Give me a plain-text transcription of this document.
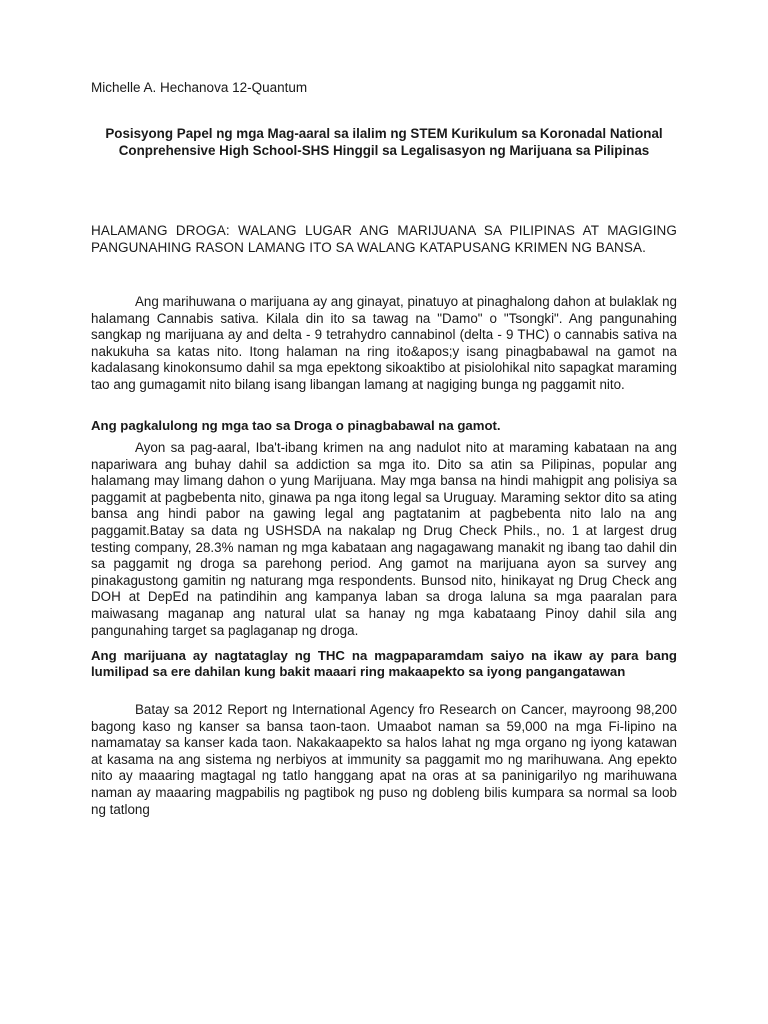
Michelle A. Hechanova 12-Quantum
Posisyong Papel ng mga Mag-aaral sa ilalim ng STEM Kurikulum sa Koronadal National Conprehensive High School-SHS Hinggil sa Legalisasyon ng Marijuana sa Pilipinas
HALAMANG DROGA: WALANG LUGAR ANG MARIJUANA SA PILIPINAS AT MAGIGING PANGUNAHING RASON LAMANG ITO SA WALANG KATAPUSANG KRIMEN NG BANSA.

Ang marihuwana o marijuana ay ang ginayat, pinatuyo at pinaghalong dahon at bulaklak ng halamang Cannabis sativa. Kilala din ito sa tawag na "Damo" o "Tsongki". Ang pangunahing sangkap ng marijuana ay and delta - 9 tetrahydro cannabinol (delta - 9 THC) o cannabis sativa na nakukuha sa katas nito. Itong halaman na ring ito&apos;y isang pinagbabawal na gamot na kadalasang kinokonsumo dahil sa mga epektong sikoaktibo at pisiolohikal nito sapagkat maraming tao ang gumagamit nito bilang isang libangan lamang at nagiging bunga ng paggamit nito.

Ang pagkalulong ng mga tao sa Droga o pinagbabawal na gamot.

Ayon sa pag-aaral, Iba't-ibang krimen na ang nadulot nito at maraming kabataan na ang napariwara ang buhay dahil sa addiction sa mga ito. Dito sa atin sa Pilipinas, popular ang halamang may limang dahon o yung Marijuana. May mga bansa na hindi mahigpit ang polisiya sa paggamit at pagbebenta nito, ginawa pa nga itong legal sa Uruguay. Maraming sektor dito sa ating bansa ang hindi pabor na gawing legal ang pagtatanim at pagbebenta nito lalo na ang paggamit.Batay sa data ng USHSDA na nakalap ng Drug Check Phils., no. 1 at largest drug testing company, 28.3% naman ng mga kabataan ang nagagawang manakit ng ibang tao dahil din sa paggamit ng droga sa parehong period. Ang gamot na marijuana ayon sa survey ang pinakagustong gamitin ng naturang mga respondents. Bunsod nito, hinikayat ng Drug Check ang DOH at DepEd na patindihin ang kampanya laban sa droga laluna sa mga paaralan para maiwasang maganap ang natural ulat sa hanay ng mga kabataang Pinoy dahil sila ang pangunahing target sa paglaganap ng droga.

Ang marijuana ay nagtataglay ng THC na magpaparamdam saiyo na ikaw ay para bang lumilipad sa ere dahilan kung bakit maaari ring makaapekto sa iyong pangangatawan

Batay sa 2012 Report ng International Agency fro Research on Cancer, mayroong 98,200 bagong kaso ng kanser sa bansa taon-taon. Umaabot naman sa 59,000 na mga Fi-lipino na namamatay sa kanser kada taon. Nakakaapekto sa halos lahat ng mga organo ng iyong katawan at kasama na ang sistema ng nerbiyos at immunity sa paggamit mo ng marihuwana. Ang epekto nito ay maaaring magtagal ng tatlo hanggang apat na oras at sa paninigarilyo ng marihuwana naman ay maaaring magpabilis ng pagtibok ng puso ng dobleng bilis kumpara sa normal sa loob ng tatlong
